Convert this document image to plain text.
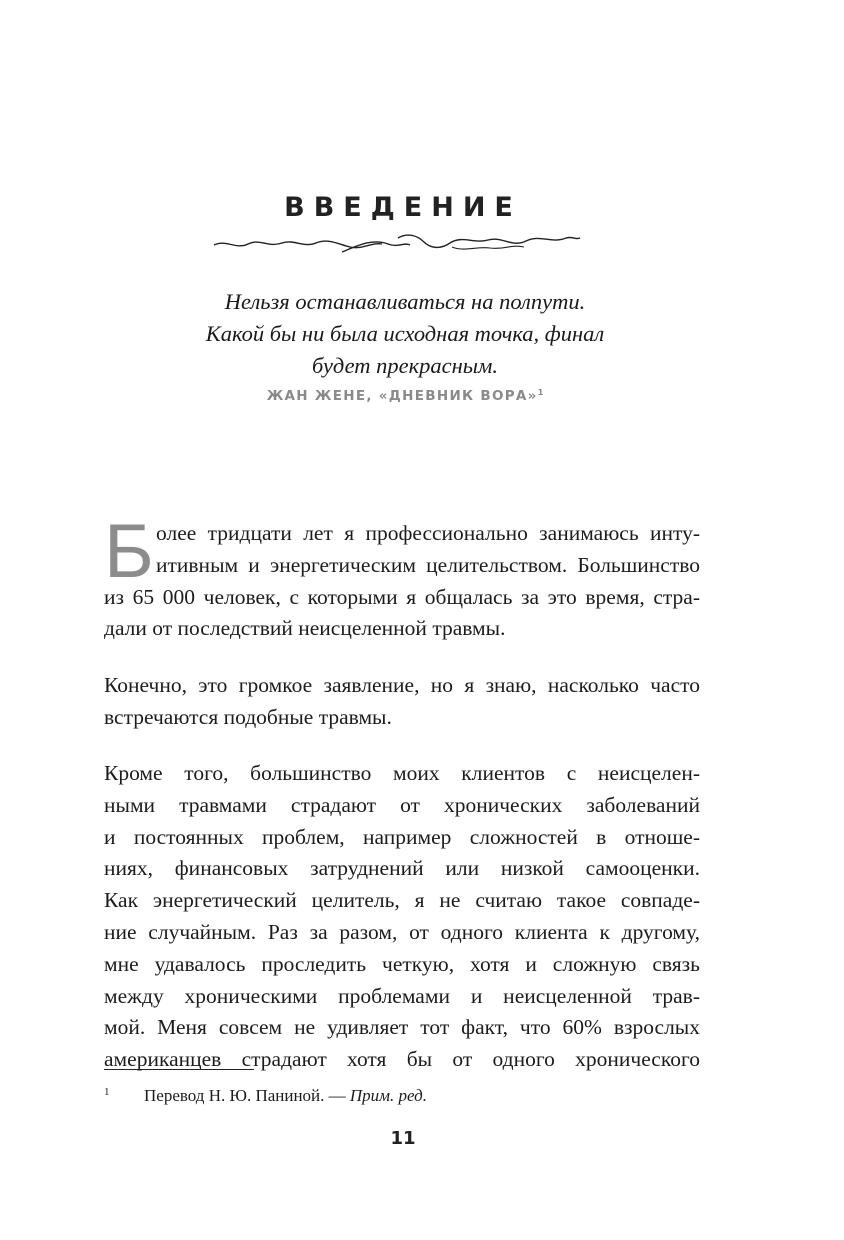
ВВЕДЕНИЕ
Нельзя останавливаться на полпути.
Какой бы ни была исходная точка, финал
будет прекрасным.
ЖАН ЖЕНЕ, «ДНЕВНИК ВОРА»$^1$
Б олее тридцати лет я профессионально занимаюсь инту-
итивным и энергетическим целительством. Большинство
из 65 000 человек, с которыми я общалась за это время, стра-
дали от последствий неисцеленной травмы.
Конечно, это громкое заявление, но я знаю, насколько часто
встречаются подобные травмы.
Кроме того, большинство моих клиентов с неисцелен-
ными травмами страдают от хронических заболеваний
и постоянных проблем, например сложностей в отноше-
ниях, финансовых затруднений или низкой самооценки.
Как энергетический целитель, я не считаю такое совпаде-
ние случайным. Раз за разом, от одного клиента к другому,
мне удавалось проследить четкую, хотя и сложную связь
между хроническими проблемами и неисцеленной трав-
мой. Меня совсем не удивляет тот факт, что 60% взрослых
американцев страдают хотя бы от одного хронического
1 Перевод Н. Ю. Паниной. — Прим. ред.
11
